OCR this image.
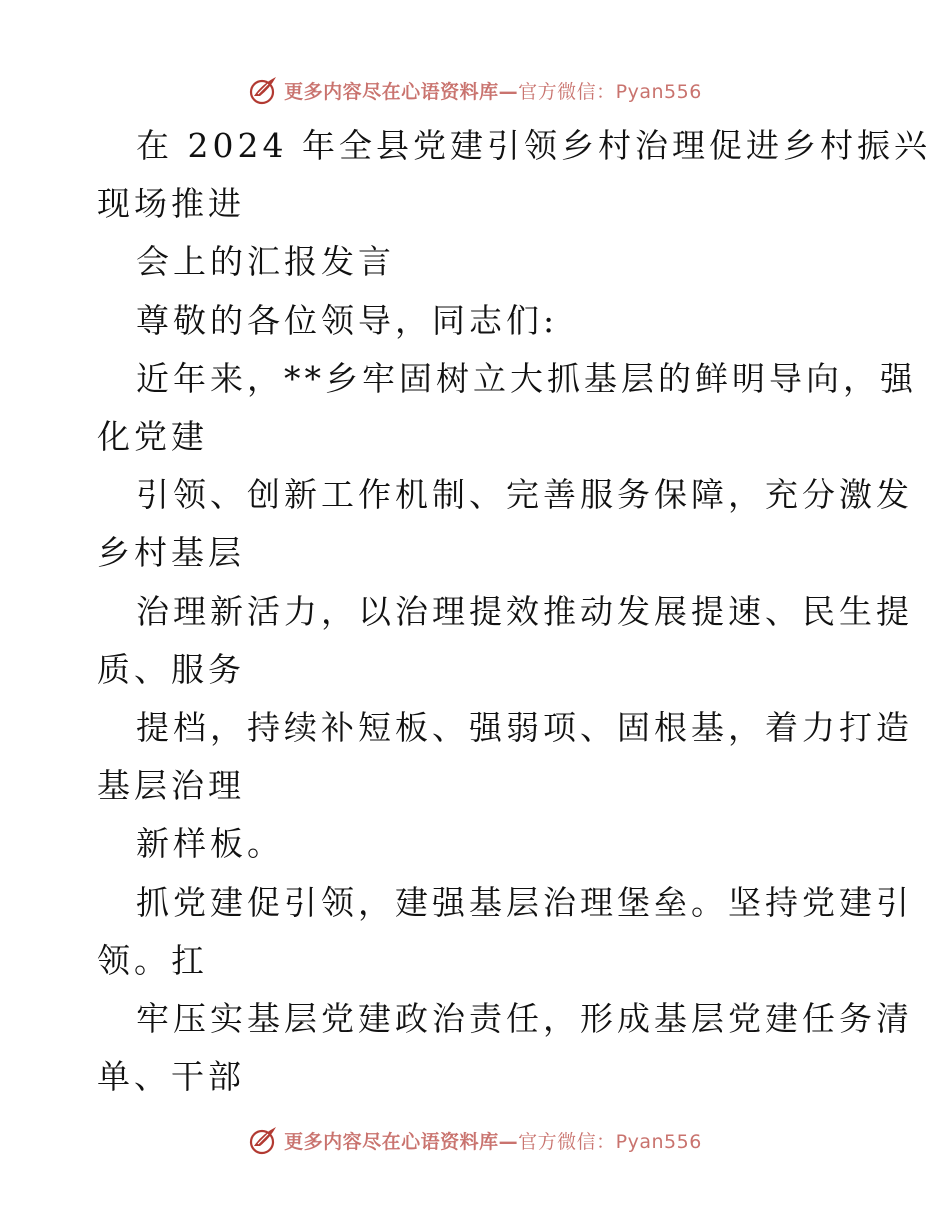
更多内容尽在心语资料库—官方微信：Pyan556
在 2024 年全县党建引领乡村治理促进乡村振兴
现场推进
会上的汇报发言
尊敬的各位领导，同志们:
近年来，**乡牢固树立大抓基层的鲜明导向，强
化党建
引领、创新工作机制、完善服务保障，充分激发
乡村基层
治理新活力，以治理提效推动发展提速、民生提
质、服务
提档，持续补短板、强弱项、固根基，着力打造
基层治理
新样板。
抓党建促引领，建强基层治理堡垒。坚持党建引
领。扛
牢压实基层党建政治责任，形成基层党建任务清
单、干部
更多内容尽在心语资料库—官方微信：Pyan556
